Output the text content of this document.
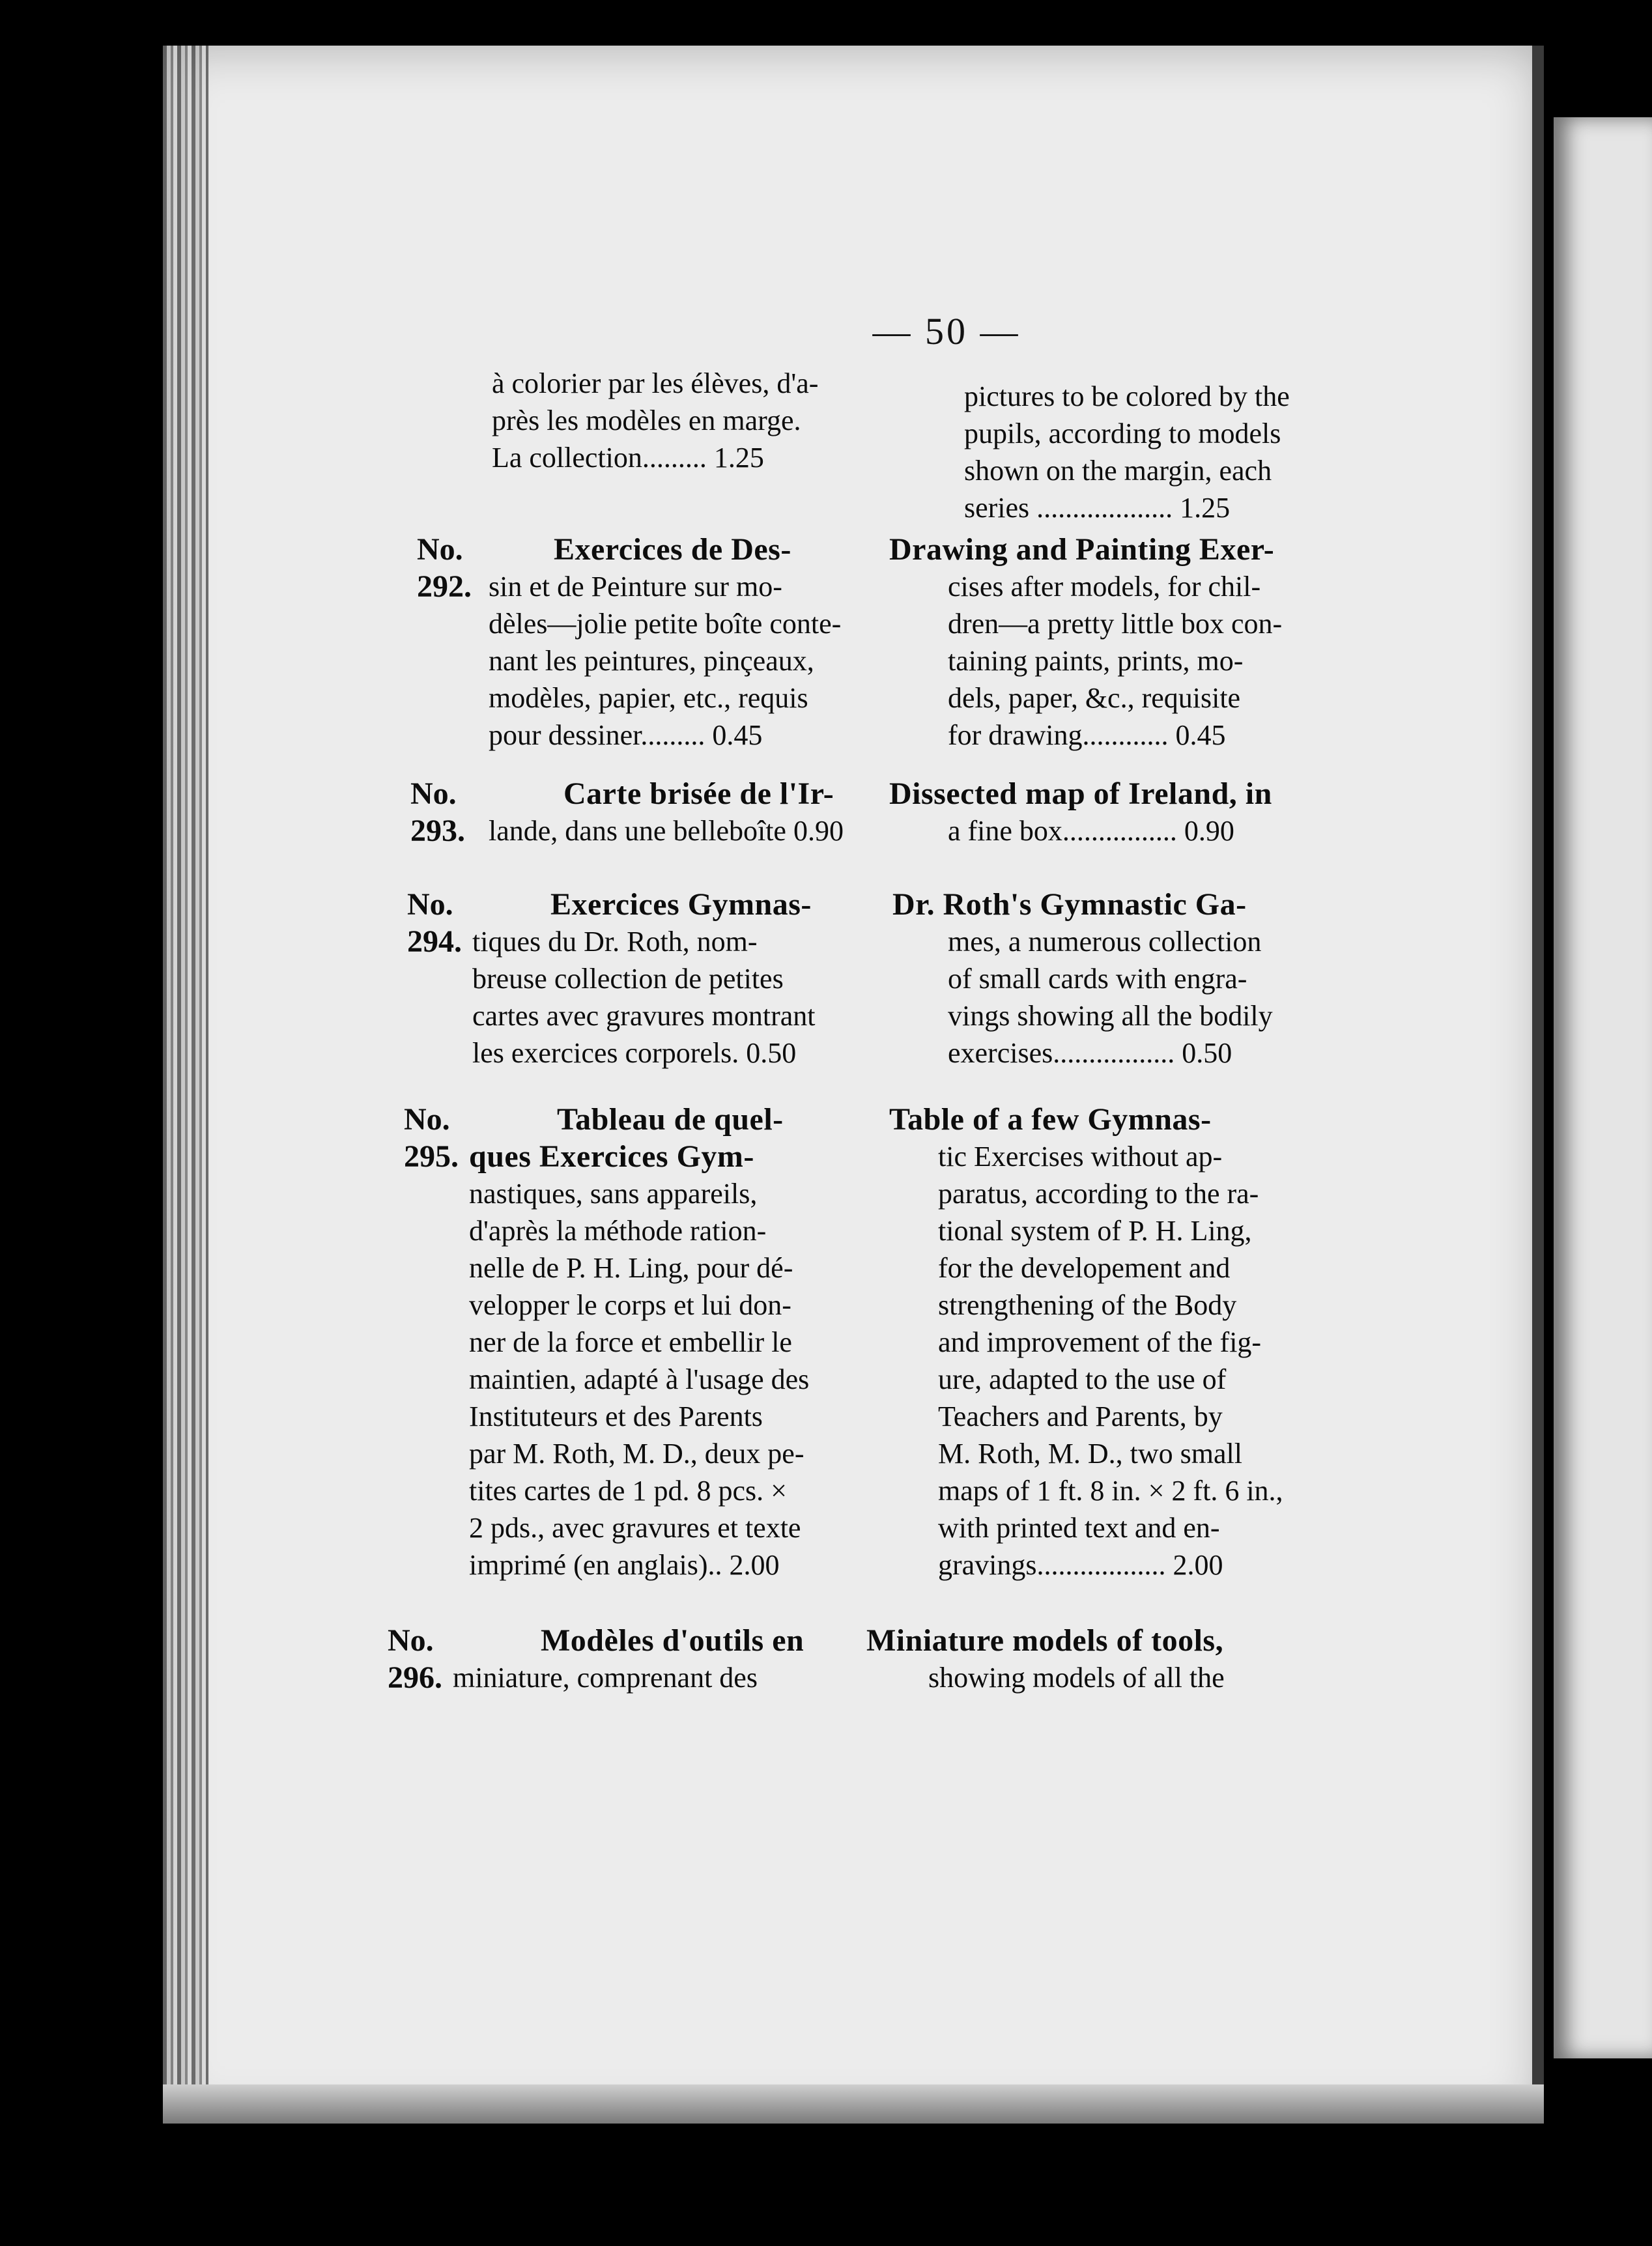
— 50 —
à colorier par les élèves, d'a-
près les modèles en marge.
La collection......... 1.25
pictures to be colored by the
pupils, according to models
shown on the margin, each
series ................... 1.25
No. 292.
Exercices de Des-
sin et de Peinture sur mo-
dèles—jolie petite boîte conte-
nant les peintures, pinçeaux,
modèles, papier, etc., requis
pour dessiner......... 0.45
Drawing and Painting Exer-
cises after models, for chil-
dren—a pretty little box con-
taining paints, prints, mo-
dels, paper, &c., requisite
for drawing............ 0.45
No. 293.
Carte brisée de l'Ir-
lande, dans une belleboîte 0.90
Dissected map of Ireland, in
a fine box................ 0.90
No. 294.
Exercices Gymnas-
tiques du Dr. Roth, nom-
breuse collection de petites
cartes avec gravures montrant
les exercices corporels. 0.50
Dr. Roth's Gymnastic Ga-
mes, a numerous collection
of small cards with engra-
vings showing all the bodily
exercises................. 0.50
No. 295.
Tableau de quel-
ques Exercices Gym-
nastiques, sans appareils,
d'après la méthode ration-
nelle de P. H. Ling, pour dé-
velopper le corps et lui don-
ner de la force et embellir le
maintien, adapté à l'usage des
Instituteurs et des Parents
par M. Roth, M. D., deux pe-
tites cartes de 1 pd. 8 pcs. ×
2 pds., avec gravures et texte
imprimé (en anglais).. 2.00
Table of a few Gymnas-
tic Exercises without ap-
paratus, according to the ra-
tional system of P. H. Ling,
for the developement and
strengthening of the Body
and improvement of the fig-
ure, adapted to the use of
Teachers and Parents, by
M. Roth, M. D., two small
maps of 1 ft. 8 in. × 2 ft. 6 in.,
with printed text and en-
gravings.................. 2.00
No. 296.
Modèles d'outils en
miniature, comprenant des
Miniature models of tools,
showing models of all the
